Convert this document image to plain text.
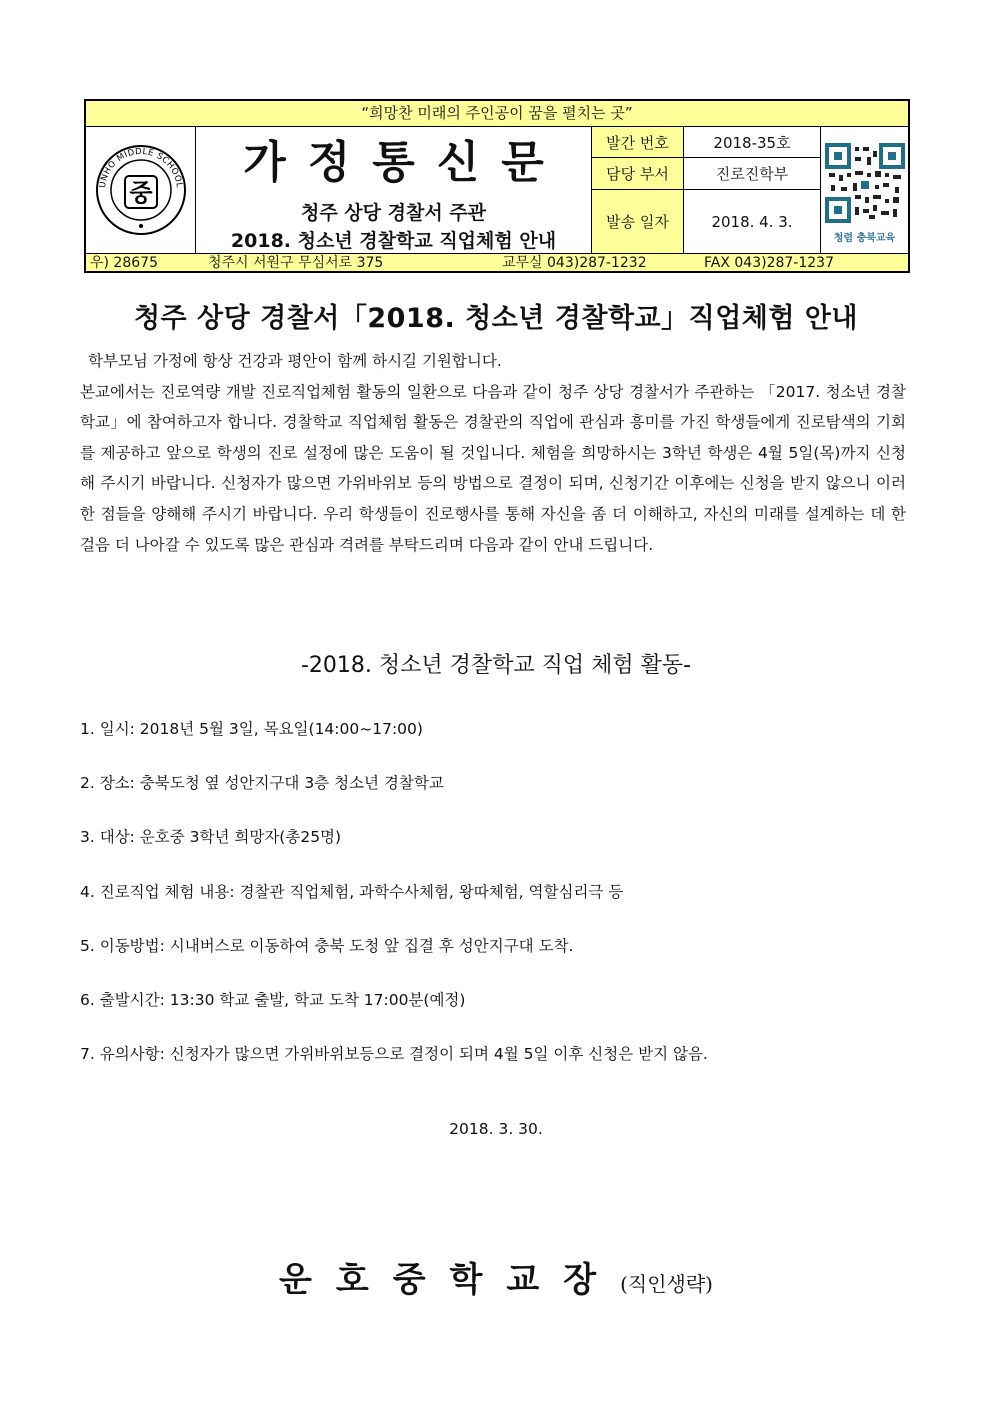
“희망찬 미래의 주인공이 꿈을 펼치는 곳”
UNHO MIDDLE SCHOOL
중
가정통신문
청주 상당 경찰서 주관
2018. 청소년 경찰학교 직업체험 안내
발간 번호	2018-35호
담당 부서	진로진학부
발송 일자	2018. 4. 3.
청렴 충북교육
우) 28675	청주시 서원구 무심서로 375	교무실 043)287-1232	FAX 043)287-1237
청주 상당 경찰서「2018. 청소년 경찰학교」직업체험 안내

학부모님 가정에 항상 건강과 평안이 함께 하시길 기원합니다.

본교에서는 진로역량 개발 진로직업체험 활동의 일환으로 다음과 같이 청주 상당 경찰서가 주관하는 「2017. 청소년 경찰학교」에 참여하고자 합니다. 경찰학교 직업체험 활동은 경찰관의 직업에 관심과 흥미를 가진 학생들에게 진로탐색의 기회를 제공하고 앞으로 학생의 진로 설정에 많은 도움이 될 것입니다. 체험을 희망하시는 3학년 학생은 4월 5일(목)까지 신청해 주시기 바랍니다. 신청자가 많으면 가위바위보 등의 방법으로 결정이 되며, 신청기간 이후에는 신청을 받지 않으니 이러한 점들을 양해해 주시기 바랍니다. 우리 학생들이 진로행사를 통해 자신을 좀 더 이해하고, 자신의 미래를 설계하는 데 한 걸음 더 나아갈 수 있도록 많은 관심과 격려를 부탁드리며 다음과 같이 안내 드립니다.

-2018. 청소년 경찰학교 직업 체험 활동-
1. 일시: 2018년 5월 3일, 목요일(14:00~17:00)
2. 장소: 충북도청 옆 성안지구대 3층 청소년 경찰학교
3. 대상: 운호중 3학년 희망자(총25명)
4. 진로직업 체험 내용: 경찰관 직업체험, 과학수사체험, 왕따체험, 역할심리극 등
5. 이동방법: 시내버스로 이동하여 충북 도청 앞 집결 후 성안지구대 도착.
6. 출발시간: 13:30 학교 출발, 학교 도착 17:00분(예정)
7. 유의사항: 신청자가 많으면 가위바위보등으로 결정이 되며 4월 5일 이후 신청은 받지 않음.
2018. 3. 30.
운호중학교장(직인생략)
